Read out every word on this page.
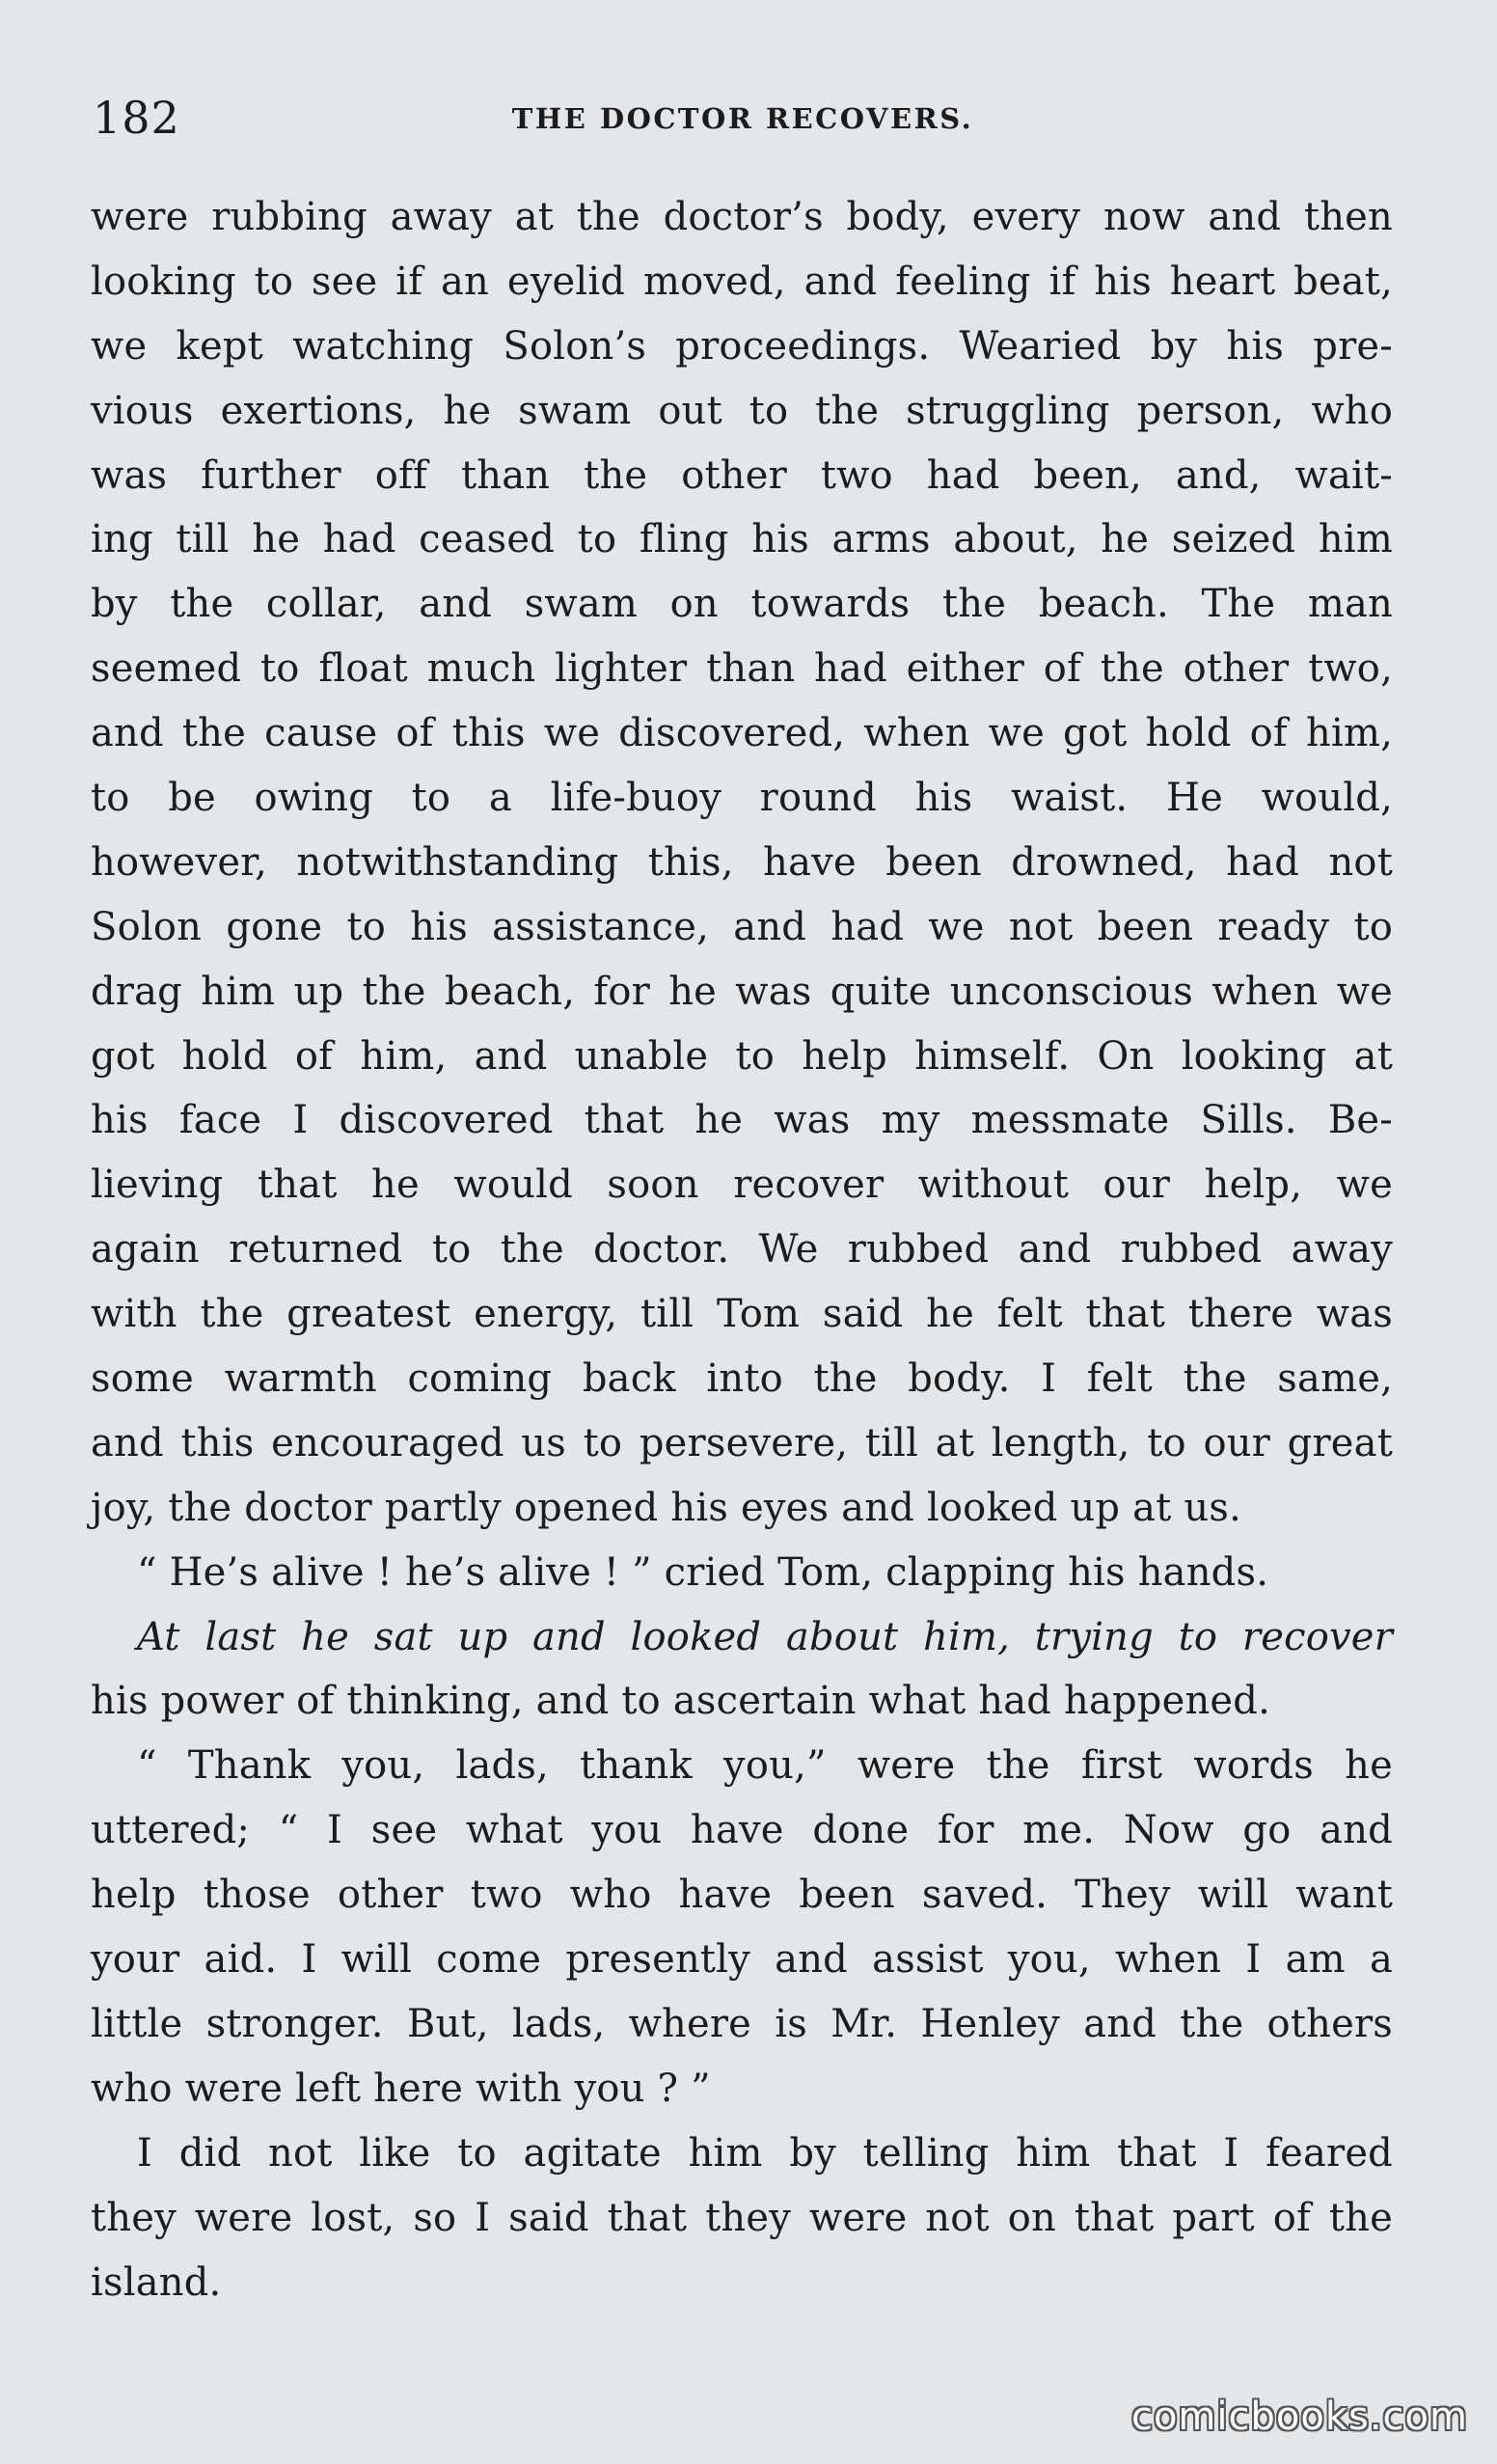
182	THE DOCTOR RECOVERS.
were rubbing away at the doctor’s body, every now and then
looking to see if an eyelid moved, and feeling if his heart beat,
we kept watching Solon’s proceedings. Wearied by his pre-
vious exertions, he swam out to the struggling person, who
was further off than the other two had been, and, wait-
ing till he had ceased to fling his arms about, he seized him
by the collar, and swam on towards the beach. The man
seemed to float much lighter than had either of the other two,
and the cause of this we discovered, when we got hold of him,
to be owing to a life-buoy round his waist. He would,
however, notwithstanding this, have been drowned, had not
Solon gone to his assistance, and had we not been ready to
drag him up the beach, for he was quite unconscious when we
got hold of him, and unable to help himself. On looking at
his face I discovered that he was my messmate Sills. Be-
lieving that he would soon recover without our help, we
again returned to the doctor. We rubbed and rubbed away
with the greatest energy, till Tom said he felt that there was
some warmth coming back into the body. I felt the same,
and this encouraged us to persevere, till at length, to our great
joy, the doctor partly opened his eyes and looked up at us.
“ He’s alive ! he’s alive ! ” cried Tom, clapping his hands.
At last he sat up and looked about him, trying to recover
his power of thinking, and to ascertain what had happened.
“ Thank you, lads, thank you,” were the first words he
uttered; “ I see what you have done for me. Now go and
help those other two who have been saved. They will want
your aid. I will come presently and assist you, when I am a
little stronger. But, lads, where is Mr. Henley and the others
who were left here with you ? ”
I did not like to agitate him by telling him that I feared
they were lost, so I said that they were not on that part of the
island.
comicbooks.com
